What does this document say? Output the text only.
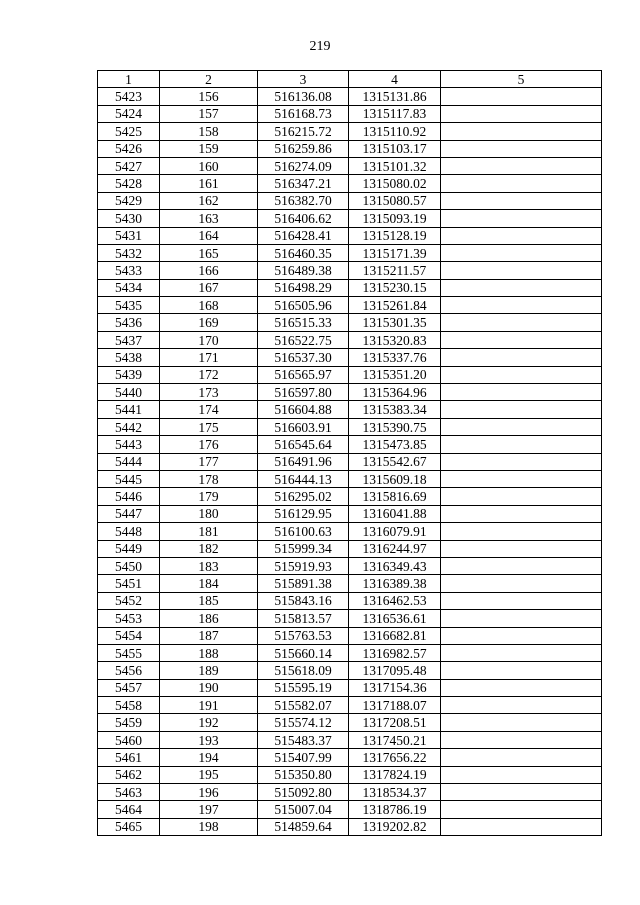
219
1	2	3	4	5
5423	156	516136.08	1315131.86	
5424	157	516168.73	1315117.83	
5425	158	516215.72	1315110.92	
5426	159	516259.86	1315103.17	
5427	160	516274.09	1315101.32	
5428	161	516347.21	1315080.02	
5429	162	516382.70	1315080.57	
5430	163	516406.62	1315093.19	
5431	164	516428.41	1315128.19	
5432	165	516460.35	1315171.39	
5433	166	516489.38	1315211.57	
5434	167	516498.29	1315230.15	
5435	168	516505.96	1315261.84	
5436	169	516515.33	1315301.35	
5437	170	516522.75	1315320.83	
5438	171	516537.30	1315337.76	
5439	172	516565.97	1315351.20	
5440	173	516597.80	1315364.96	
5441	174	516604.88	1315383.34	
5442	175	516603.91	1315390.75	
5443	176	516545.64	1315473.85	
5444	177	516491.96	1315542.67	
5445	178	516444.13	1315609.18	
5446	179	516295.02	1315816.69	
5447	180	516129.95	1316041.88	
5448	181	516100.63	1316079.91	
5449	182	515999.34	1316244.97	
5450	183	515919.93	1316349.43	
5451	184	515891.38	1316389.38	
5452	185	515843.16	1316462.53	
5453	186	515813.57	1316536.61	
5454	187	515763.53	1316682.81	
5455	188	515660.14	1316982.57	
5456	189	515618.09	1317095.48	
5457	190	515595.19	1317154.36	
5458	191	515582.07	1317188.07	
5459	192	515574.12	1317208.51	
5460	193	515483.37	1317450.21	
5461	194	515407.99	1317656.22	
5462	195	515350.80	1317824.19	
5463	196	515092.80	1318534.37	
5464	197	515007.04	1318786.19	
5465	198	514859.64	1319202.82	
